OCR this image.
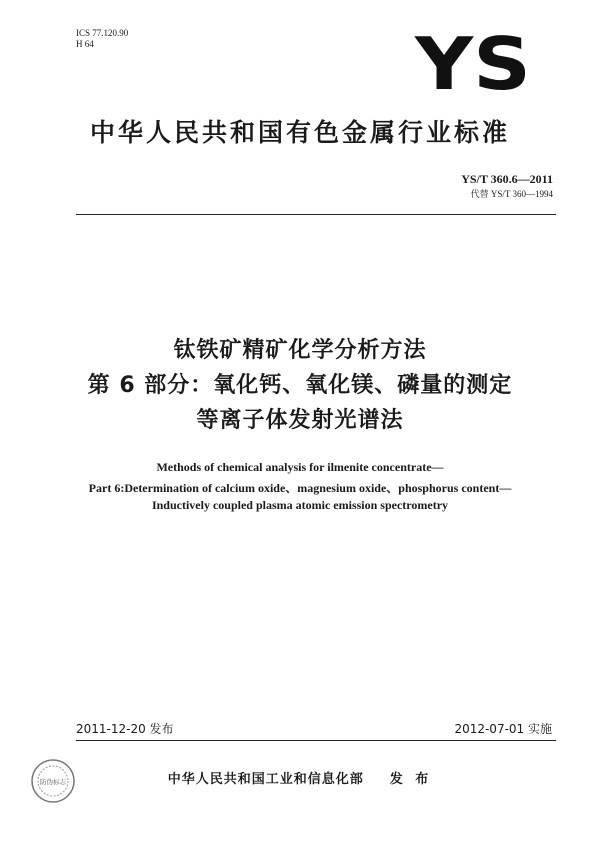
ICS 77.120.90
H 64	YS
中华人民共和国有色金属行业标准
YS/T 360.6—2011
代替 YS/T 360—1994
钛铁矿精矿化学分析方法
第 6 部分：氧化钙、氧化镁、磷量的测定
等离子体发射光谱法
Methods of chemical analysis for ilmenite concentrate—
Part 6:Determination of calcium oxide、magnesium oxide、phosphorus content—
Inductively coupled plasma atomic emission spectrometry
2011-12-20 发布	2012-07-01 实施
防伪标志	中华人民共和国工业和信息化部 发 布
